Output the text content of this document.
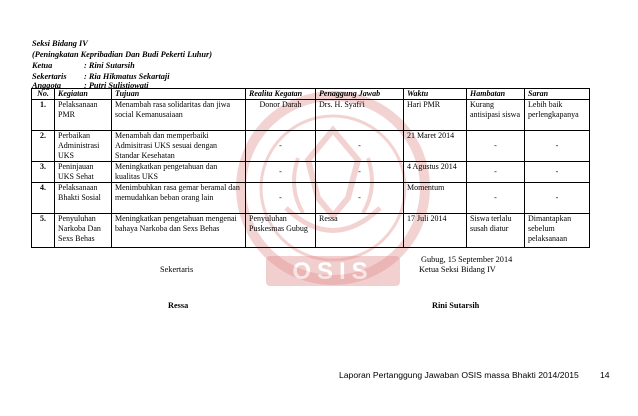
OSIS
Seksi Bidang IV
(Peningkatan Kepribadian Dan Budi Pekerti Luhur)
Ketua	: Rini Sutarsih
Sekertaris : Ria Hikmatus Sekartaji
Anggota	: Putri Sulistiowati
No.	Kegiatan	Tujuan	Realita Kegatan	Penaggung Jawab	Waktu	Hambatan	Saran
1.	Pelaksanaan PMR	Menambah rasa solidaritas dan jiwa social Kemanusaiaan	Donor Darah	Drs. H. Syafi'i	Hari PMR	Kurang antisipasi siswa	Lebih baik perlengkapanya
2.	Perbaikan Administrasi UKS	Menambah dan memperbaiki Admisitrasi UKS sesuai dengan Standar Kesehatan	-	-	21 Maret 2014	-	-
3.	Peninjauan UKS Sehat	Meningkatkan pengetahuan dan kualitas UKS	-	-	4 Agustus 2014	-	-
4.	Pelaksanaan Bhakti Sosial	Menimbuhkan rasa gemar beramal dan memudahkan beban orang lain	-	-	Momentum	-	-
5.	Penyuluhan Narkoba Dan Sexs Behas	Meningkatkan pengetahuan mengenai bahaya Narkoba dan Sexs Behas	Penyuluhan Puskesmas Gubug	Ressa	17 Juli 2014	Siswa terlalu susah diatur	Dimantapkan sebelum pelaksanaan
Gubug, 15 September 2014
Sekertaris	Ketua Seksi Bidang IV
Ressa	Rini Sutarsih
Laporan Pertanggung Jawaban OSIS massa Bhakti 2014/2015 14
